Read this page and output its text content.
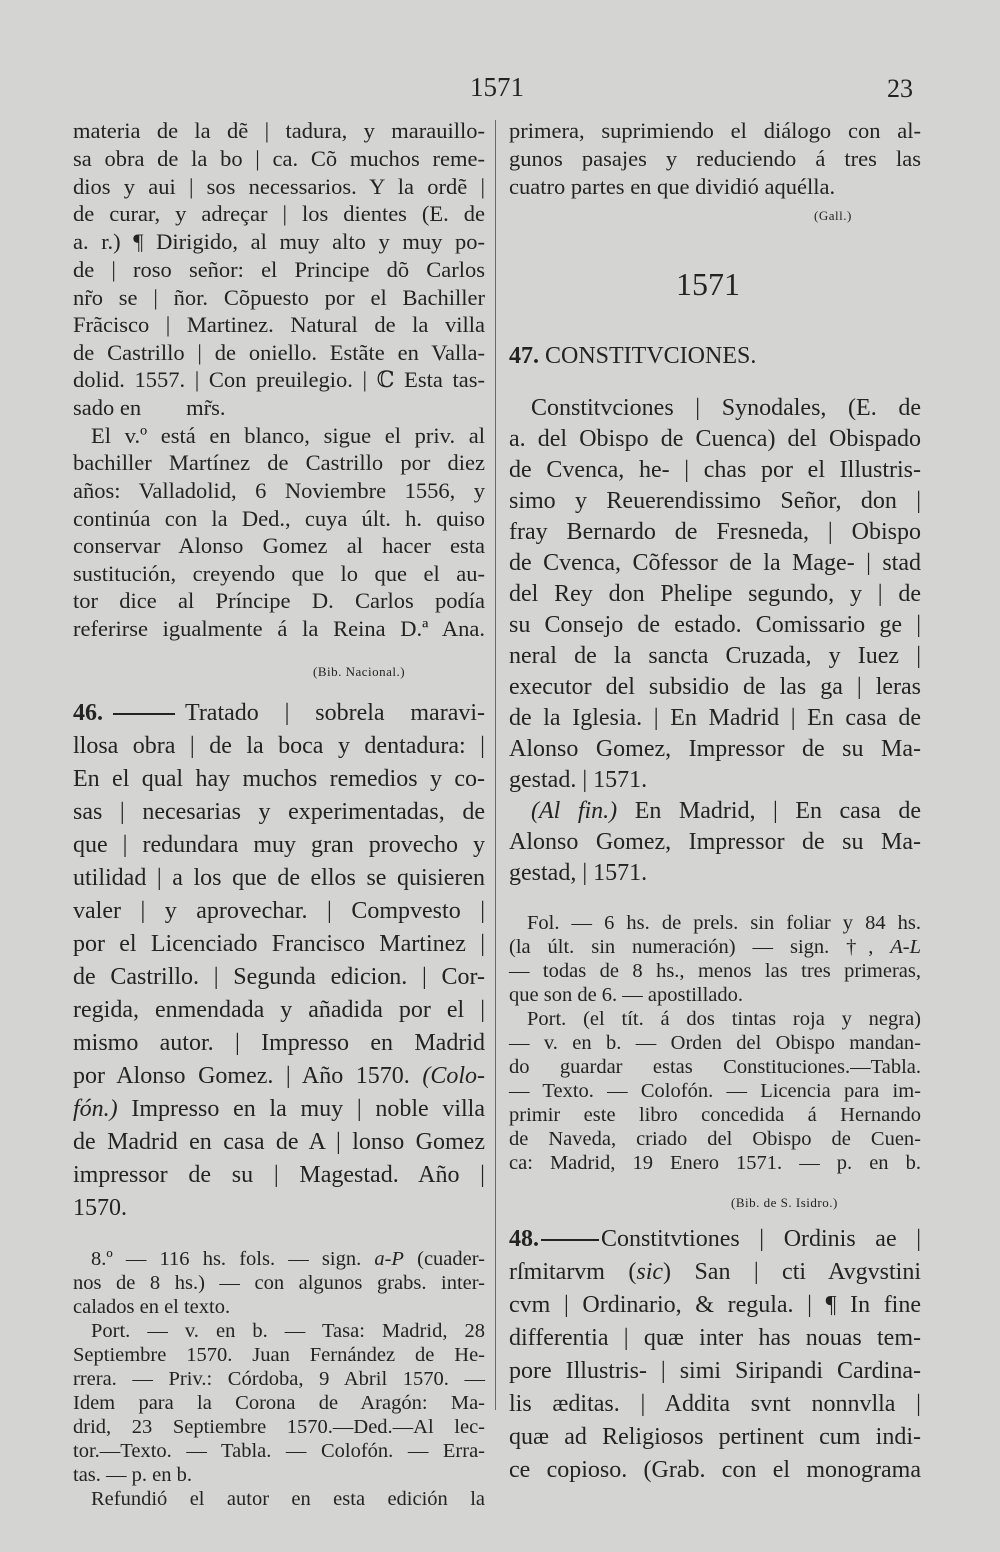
1571	23
materia de la dẽ | tadura, y marauillo-
sa obra de la bo | ca. Cõ muchos reme-
dios y aui | sos necessarios. Y la ordẽ |
de curar, y adreçar | los dientes (E. de
a. r.) ¶ Dirigido, al muy alto y muy po-
de | roso señor: el Principe dõ Carlos
nr̃o se | ñor. Cõpuesto por el Bachiller
Frãcisco | Martinez. Natural de la villa
de Castrillo | de oniello. Estãte en Valla-
dolid. 1557. | Con preuilegio. | ℂ Esta tas-
sado en        mr̃s.
El v.º está en blanco, sigue el priv. al
bachiller Martínez de Castrillo por diez
años: Valladolid, 6 Noviembre 1556, y
continúa con la Ded., cuya últ. h. quiso
conservar Alonso Gomez al hacer esta
sustitución, creyendo que lo que el au-
tor dice al Príncipe D. Carlos podía
referirse igualmente á la Reina D.ª Ana.
(Bib. Nacional.)
46.	Tratado | sobrela maravi-
llosa obra | de la boca y dentadura: |
En el qual hay muchos remedios y co-
sas | necesarias y experimentadas, de
que | redundara muy gran provecho y
utilidad | a los que de ellos se quisieren
valer | y aprovechar. | Compvesto |
por el Licenciado Francisco Martinez |
de Castrillo. | Segunda edicion. | Cor-
regida, enmendada y añadida por el |
mismo autor. | Impresso en Madrid
por Alonso Gomez. | Año 1570. (Colo-
fón.) Impresso en la muy | noble villa
de Madrid en casa de A | lonso Gomez
impressor de su | Magestad. Año |
1570.
8.º — 116 hs. fols. — sign. a-P (cuader-
nos de 8 hs.) — con algunos grabs. inter-
calados en el texto.
Port. — v. en b. — Tasa: Madrid, 28
Septiembre 1570. Juan Fernández de He-
rrera. — Priv.: Córdoba, 9 Abril 1570. —
Idem para la Corona de Aragón: Ma-
drid, 23 Septiembre 1570.—Ded.—Al lec-
tor.—Texto. — Tabla. — Colofón. — Erra-
tas. — p. en b.
Refundió el autor en esta edición la
primera, suprimiendo el diálogo con al-
gunos pasajes y reduciendo á tres las
cuatro partes en que dividió aquélla.
(Gall.)
1571
47. CONSTITVCIONES.
Constitvciones | Synodales, (E. de
a. del Obispo de Cuenca) del Obispado
de Cvenca, he- | chas por el Illustris-
simo y Reuerendissimo Señor, don |
fray Bernardo de Fresneda, | Obispo
de Cvenca, Cõfessor de la Mage- | stad
del Rey don Phelipe segundo, y | de
su Consejo de estado. Comissario ge |
neral de la sancta Cruzada, y Iuez |
executor del subsidio de las ga | leras
de la Iglesia. | En Madrid | En casa de
Alonso Gomez, Impressor de su Ma-
gestad. | 1571.
(Al fin.) En Madrid, | En casa de
Alonso Gomez, Impressor de su Ma-
gestad, | 1571.
Fol. — 6 hs. de prels. sin foliar y 84 hs.
(la últ. sin numeración) — sign. †, A-L
— todas de 8 hs., menos las tres primeras,
que son de 6. — apostillado.
Port. (el tít. á dos tintas roja y negra)
— v. en b. — Orden del Obispo mandan-
do guardar estas Constituciones.—Tabla.
— Texto. — Colofón. — Licencia para im-
primir este libro concedida á Hernando
de Naveda, criado del Obispo de Cuen-
ca: Madrid, 19 Enero 1571. — p. en b.
(Bib. de S. Isidro.)
48.	Constitvtiones | Ordinis ae |
rſmitarvm (sic) San | cti Avgvstini
cvm | Ordinario, & regula. | ¶ In fine
differentia | quæ inter has nouas tem-
pore Illustris- | simi Siripandi Cardina-
lis æditas. | Addita svnt nonnvlla |
quæ ad Religiosos pertinent cum indi-
ce copioso. (Grab. con el monograma
